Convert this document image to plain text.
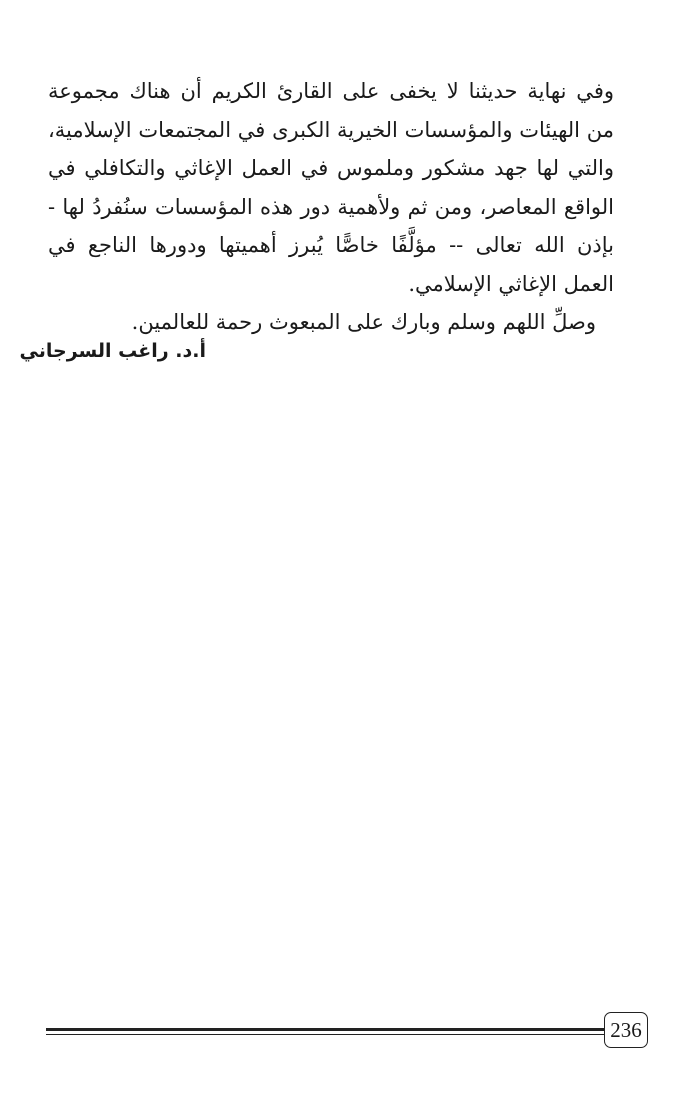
وفي نهاية حديثنا لا يخفى على القارئ الكريم أن هناك مجموعة من الهيئات والمؤسسات الخيرية الكبرى في المجتمعات الإسلامية، والتي لها جهد مشكور وملموس في العمل الإغاثي والتكافلي في الواقع المعاصر، ومن ثم ولأهمية دور هذه المؤسسات سنُفردُ لها - بإذن الله تعالى -- مؤلَّفًا خاصًّا يُبرز أهميتها ودورها الناجع في العمل الإغاثي الإسلامي.

وصلِّ اللهم وسلم وبارك على المبعوث رحمة للعالمين.

أ.د. راغب السرجاني
236
